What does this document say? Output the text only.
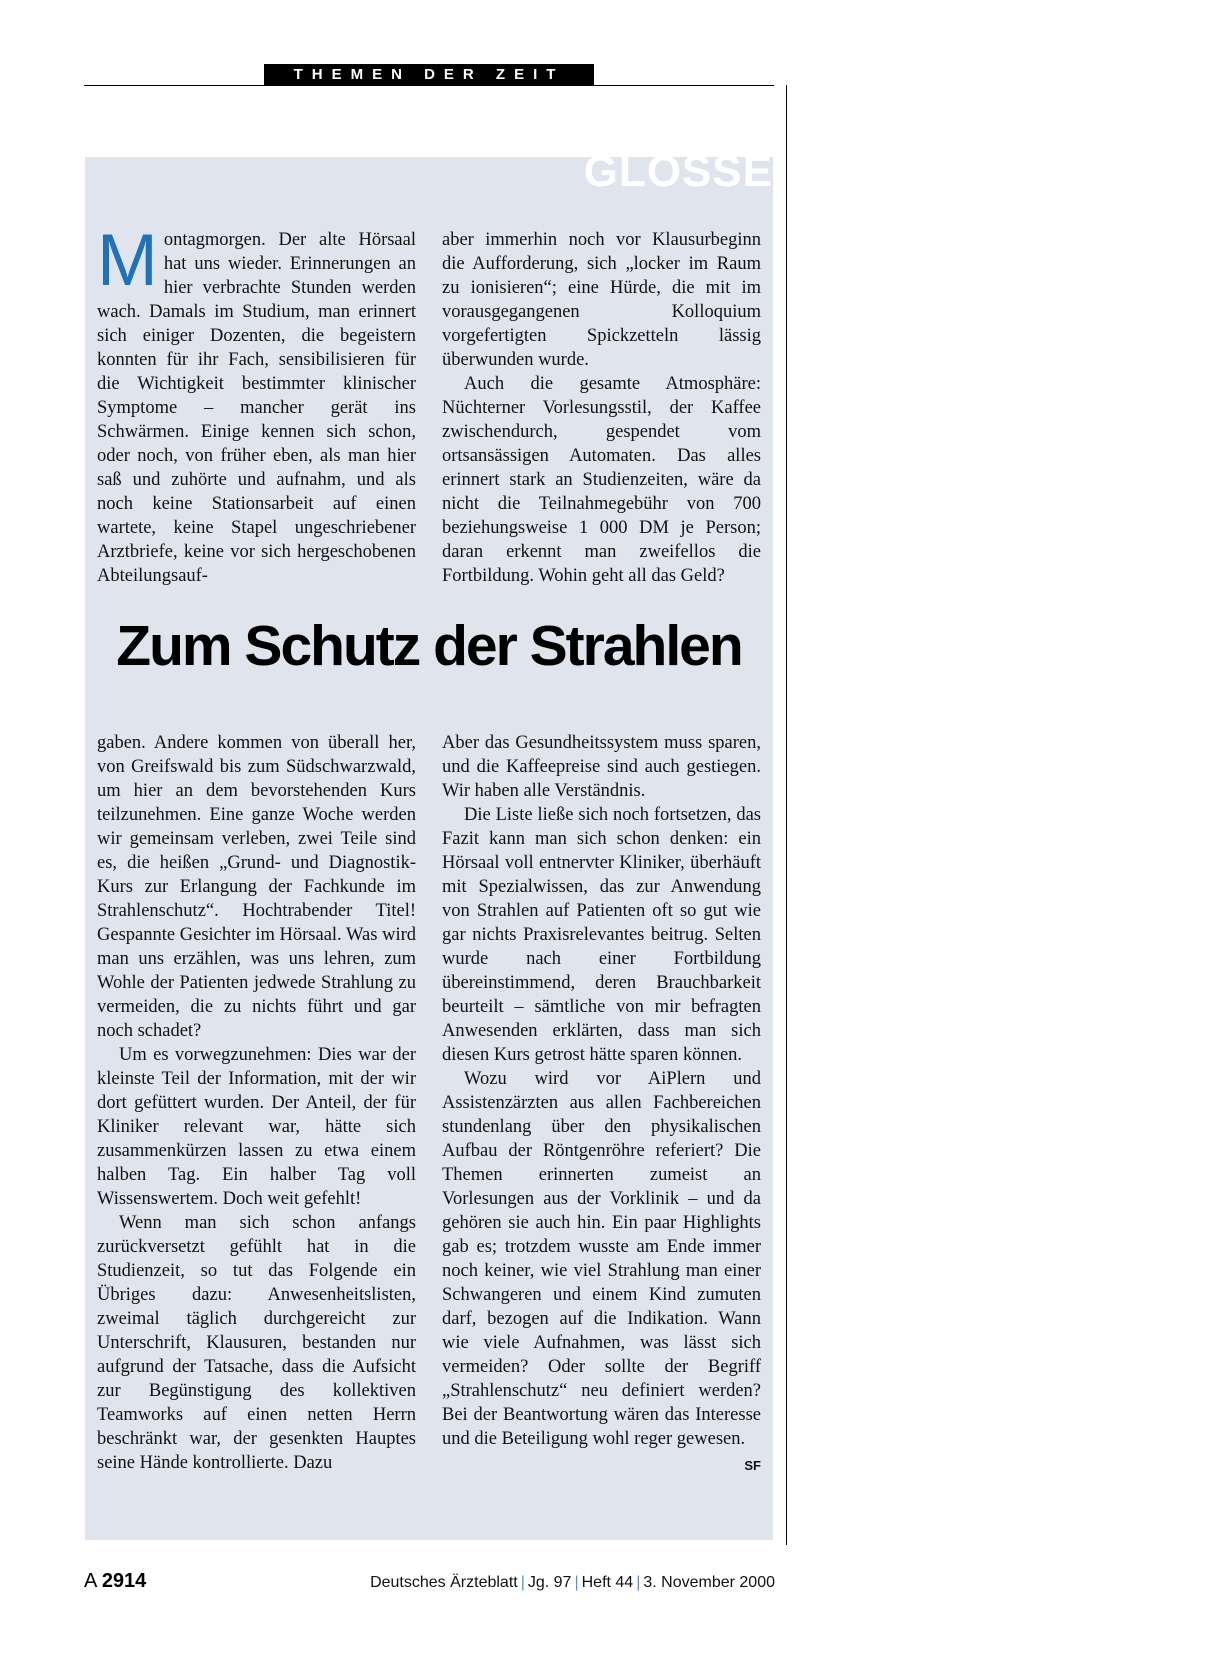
THEMEN DER ZEIT
GLOSSE
M ontagmorgen. Der alte Hörsaal hat uns wieder. Erinnerungen an hier verbrachte Stunden werden wach. Damals im Studium, man erinnert sich einiger Dozenten, die begeistern konnten für ihr Fach, sensibilisieren für die Wichtigkeit bestimmter klinischer Symptome – mancher gerät ins Schwärmen. Einige kennen sich schon, oder noch, von früher eben, als man hier saß und zuhörte und aufnahm, und als noch keine Stationsarbeit auf einen wartete, keine Stapel ungeschriebener Arztbriefe, keine vor sich hergeschobenen Abteilungsauf-

aber immerhin noch vor Klausurbeginn die Aufforderung, sich „locker im Raum zu ionisieren“; eine Hürde, die mit im vorausgegangenen Kolloquium vorgefertigten Spickzetteln lässig überwunden wurde.

Auch die gesamte Atmosphäre: Nüchterner Vorlesungsstil, der Kaffee zwischendurch, gespendet vom ortsansässigen Automaten. Das alles erinnert stark an Studienzeiten, wäre da nicht die Teilnahmegebühr von 700 beziehungsweise 1 000 DM je Person; daran erkennt man zweifellos die Fortbildung. Wohin geht all das Geld?

Zum Schutz der Strahlen

gaben. Andere kommen von überall her, von Greifswald bis zum Südschwarzwald, um hier an dem bevorstehenden Kurs teilzunehmen. Eine ganze Woche werden wir gemeinsam verleben, zwei Teile sind es, die heißen „Grund- und Diagnostik-Kurs zur Erlangung der Fachkunde im Strahlenschutz“. Hochtrabender Titel! Gespannte Gesichter im Hörsaal. Was wird man uns erzählen, was uns lehren, zum Wohle der Patienten jedwede Strahlung zu vermeiden, die zu nichts führt und gar noch schadet?

Um es vorwegzunehmen: Dies war der kleinste Teil der Information, mit der wir dort gefüttert wurden. Der Anteil, der für Kliniker relevant war, hätte sich zusammenkürzen lassen zu etwa einem halben Tag. Ein halber Tag voll Wissenswertem. Doch weit gefehlt!

Wenn man sich schon anfangs zurückversetzt gefühlt hat in die Studienzeit, so tut das Folgende ein Übriges dazu: Anwesenheitslisten, zweimal täglich durchgereicht zur Unterschrift, Klausuren, bestanden nur aufgrund der Tatsache, dass die Aufsicht zur Begünstigung des kollektiven Teamworks auf einen netten Herrn beschränkt war, der gesenkten Hauptes seine Hände kontrollierte. Dazu

Aber das Gesundheitssystem muss sparen, und die Kaffeepreise sind auch gestiegen. Wir haben alle Verständnis.

Die Liste ließe sich noch fortsetzen, das Fazit kann man sich schon denken: ein Hörsaal voll entnervter Kliniker, überhäuft mit Spezialwissen, das zur Anwendung von Strahlen auf Patienten oft so gut wie gar nichts Praxisrelevantes beitrug. Selten wurde nach einer Fortbildung übereinstimmend, deren Brauchbarkeit beurteilt – sämtliche von mir befragten Anwesenden erklärten, dass man sich diesen Kurs getrost hätte sparen können.

Wozu wird vor AiPlern und Assistenzärzten aus allen Fachbereichen stundenlang über den physikalischen Aufbau der Röntgenröhre referiert? Die Themen erinnerten zumeist an Vorlesungen aus der Vorklinik – und da gehören sie auch hin. Ein paar Highlights gab es; trotzdem wusste am Ende immer noch keiner, wie viel Strahlung man einer Schwangeren und einem Kind zumuten darf, bezogen auf die Indikation. Wann wie viele Aufnahmen, was lässt sich vermeiden? Oder sollte der Begriff „Strahlenschutz“ neu definiert werden? Bei der Beantwortung wären das Interesse und die Beteiligung wohl reger gewesen.
SF

A 2914	Deutsches Ärzteblatt | Jg. 97 | Heft 44 | 3. November 2000
